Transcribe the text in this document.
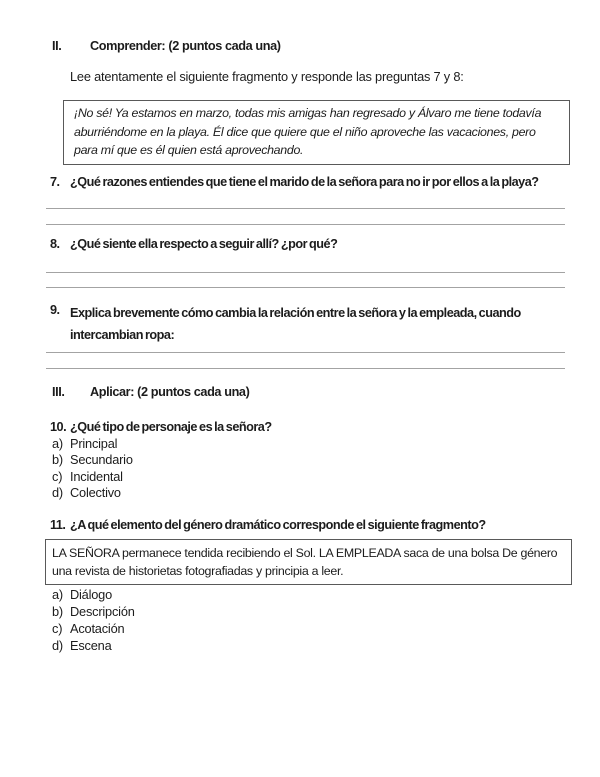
II.	Comprender: (2 puntos cada una)

Lee atentamente el siguiente fragmento y responde las preguntas 7 y 8:

¡No sé! Ya estamos en marzo, todas mis amigas han regresado y Álvaro me tiene todavía aburriéndome en la playa. Él dice que quiere que el niño aproveche las vacaciones, pero para mí que es él quien está aprovechando.

7. ¿Qué razones entiendes que tiene el marido de la señora para no ir por ellos a la playa?
8. ¿Qué siente ella respecto a seguir allí? ¿por qué?
9. Explica brevemente cómo cambia la relación entre la señora y la empleada, cuando intercambian ropa:
III.	Aplicar: (2 puntos cada una)
10. ¿Qué tipo de personaje es la señora?
a) Principal
b) Secundario
c) Incidental
d) Colectivo
11. ¿A qué elemento del género dramático corresponde el siguiente fragmento?

LA SEÑORA permanece tendida recibiendo el Sol. LA EMPLEADA saca de una bolsa De género una revista de historietas fotografiadas y principia a leer.

a) Diálogo
b) Descripción
c) Acotación
d) Escena
